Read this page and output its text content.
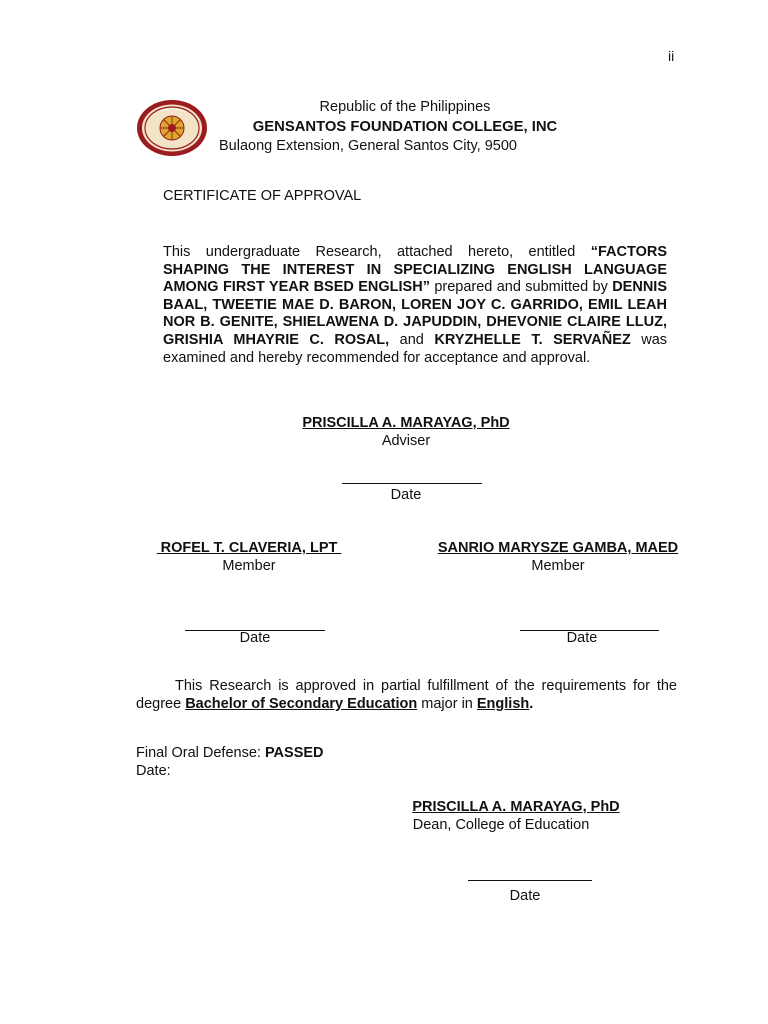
ii
Republic of the Philippines
GENSANTOS FOUNDATION COLLEGE, INC
Bulaong Extension, General Santos City, 9500
CERTIFICATE OF APPROVAL
This undergraduate Research, attached hereto, entitled “FACTORS SHAPING THE INTEREST IN SPECIALIZING ENGLISH LANGUAGE AMONG FIRST YEAR BSED ENGLISH” prepared and submitted by DENNIS BAAL, TWEETIE MAE D. BARON, LOREN JOY C. GARRIDO, EMIL LEAH NOR B. GENITE, SHIELAWENA D. JAPUDDIN, DHEVONIE CLAIRE LLUZ, GRISHIA MHAYRIE C. ROSAL, and KRYZHELLE T. SERVAÑEZ was examined and hereby recommended for acceptance and approval.
PRISCILLA A. MARAYAG, PhD
Adviser
Date
ROFEL T. CLAVERIA, LPT
Member
Date
SANRIO MARYSZE GAMBA, MAED
Member
Date
This Research is approved in partial fulfillment of the requirements for the degree Bachelor of Secondary Education major in English.
Final Oral Defense: PASSED
Date:
PRISCILLA A. MARAYAG, PhD
Dean, College of Education
Date
